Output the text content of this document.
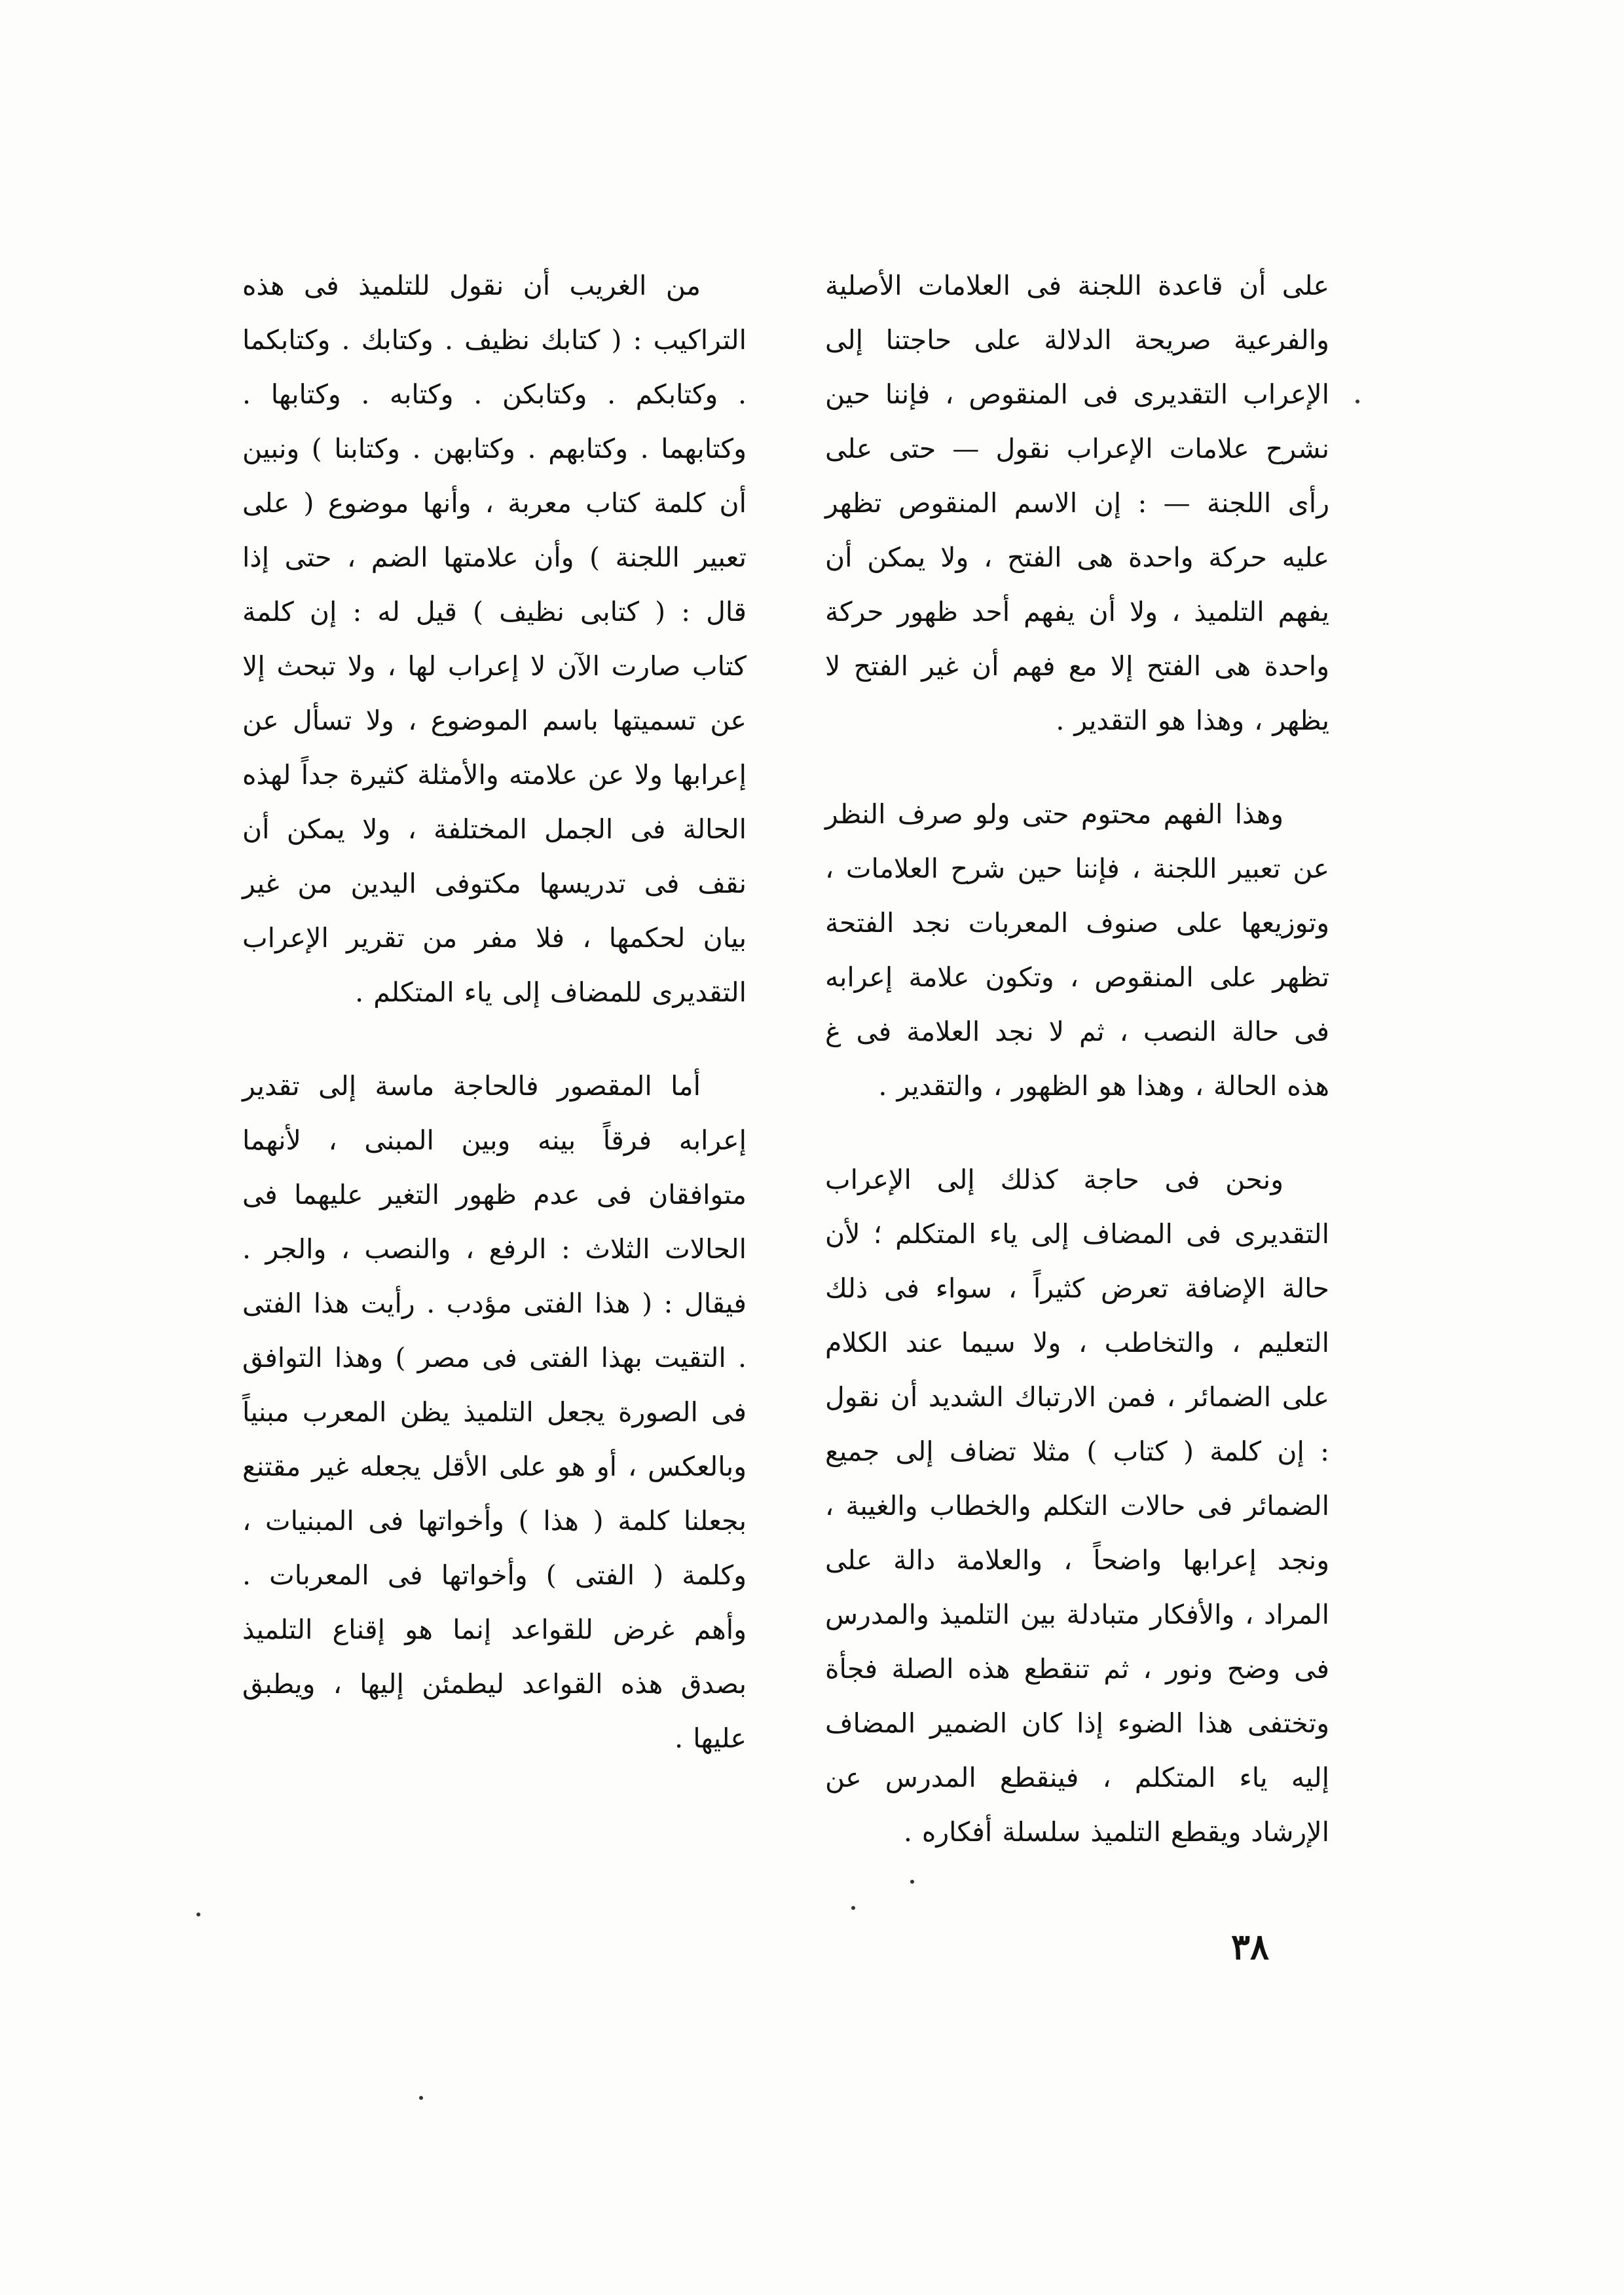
على أن قاعدة اللجنة فى العلامات الأصلية والفرعية صريحة الدلالة على حاجتنا إلى الإعراب التقديرى فى المنقوص ، فإننا حين نشرح علامات الإعراب نقول — حتى على رأى اللجنة — : إن الاسم المنقوص تظهر عليه حركة واحدة هى الفتح ، ولا يمكن أن يفهم التلميذ ، ولا أن يفهم أحد ظهور حركة واحدة هى الفتح إلا مع فهم أن غير الفتح لا يظهر ، وهذا هو التقدير .

وهذا الفهم محتوم حتى ولو صرف النظر عن تعبير اللجنة ، فإننا حين شرح العلامات ، وتوزيعها على صنوف المعربات نجد الفتحة تظهر على المنقوص ، وتكون علامة إعرابه فى حالة النصب ، ثم لا نجد العلامة فى غ هذه الحالة ، وهذا هو الظهور ، والتقدير .

ونحن فى حاجة كذلك إلى الإعراب التقديرى فى المضاف إلى ياء المتكلم ؛ لأن حالة الإضافة تعرض كثيراً ، سواء فى ذلك التعليم ، والتخاطب ، ولا سيما عند الكلام على الضمائر ، فمن الارتباك الشديد أن نقول : إن كلمة ( كتاب ) مثلا تضاف إلى جميع الضمائر فى حالات التكلم والخطاب والغيبة ، ونجد إعرابها واضحاً ، والعلامة دالة على المراد ، والأفكار متبادلة بين التلميذ والمدرس فى وضح ونور ، ثم تنقطع هذه الصلة فجأة وتختفى هذا الضوء إذا كان الضمير المضاف إليه ياء المتكلم ، فينقطع المدرس عن الإرشاد ويقطع التلميذ سلسلة أفكاره .

من الغريب أن نقول للتلميذ فى هذه التراكيب : ( كتابك نظيف . وكتابك . وكتابكما . وكتابكم . وكتابكن . وكتابه . وكتابها . وكتابهما . وكتابهم . وكتابهن . وكتابنا ) ونبين أن كلمة كتاب معربة ، وأنها موضوع ( على تعبير اللجنة ) وأن علامتها الضم ، حتى إذا قال : ( كتابى نظيف ) قيل له : إن كلمة كتاب صارت الآن لا إعراب لها ، ولا تبحث إلا عن تسميتها باسم الموضوع ، ولا تسأل عن إعرابها ولا عن علامته والأمثلة كثيرة جداً لهذه الحالة فى الجمل المختلفة ، ولا يمكن أن نقف فى تدريسها مكتوفى اليدين من غير بيان لحكمها ، فلا مفر من تقرير الإعراب التقديرى للمضاف إلى ياء المتكلم .

أما المقصور فالحاجة ماسة إلى تقدير إعرابه فرقاً بينه وبين المبنى ، لأنهما متوافقان فى عدم ظهور التغير عليهما فى الحالات الثلاث : الرفع ، والنصب ، والجر . فيقال : ( هذا الفتى مؤدب . رأيت هذا الفتى . التقيت بهذا الفتى فى مصر ) وهذا التوافق فى الصورة يجعل التلميذ يظن المعرب مبنياً وبالعكس ، أو هو على الأقل يجعله غير مقتنع بجعلنا كلمة ( هذا ) وأخواتها فى المبنيات ، وكلمة ( الفتى ) وأخواتها فى المعربات . وأهم غرض للقواعد إنما هو إقناع التلميذ بصدق هذه القواعد ليطمئن إليها ، ويطبق عليها .

٣٨
